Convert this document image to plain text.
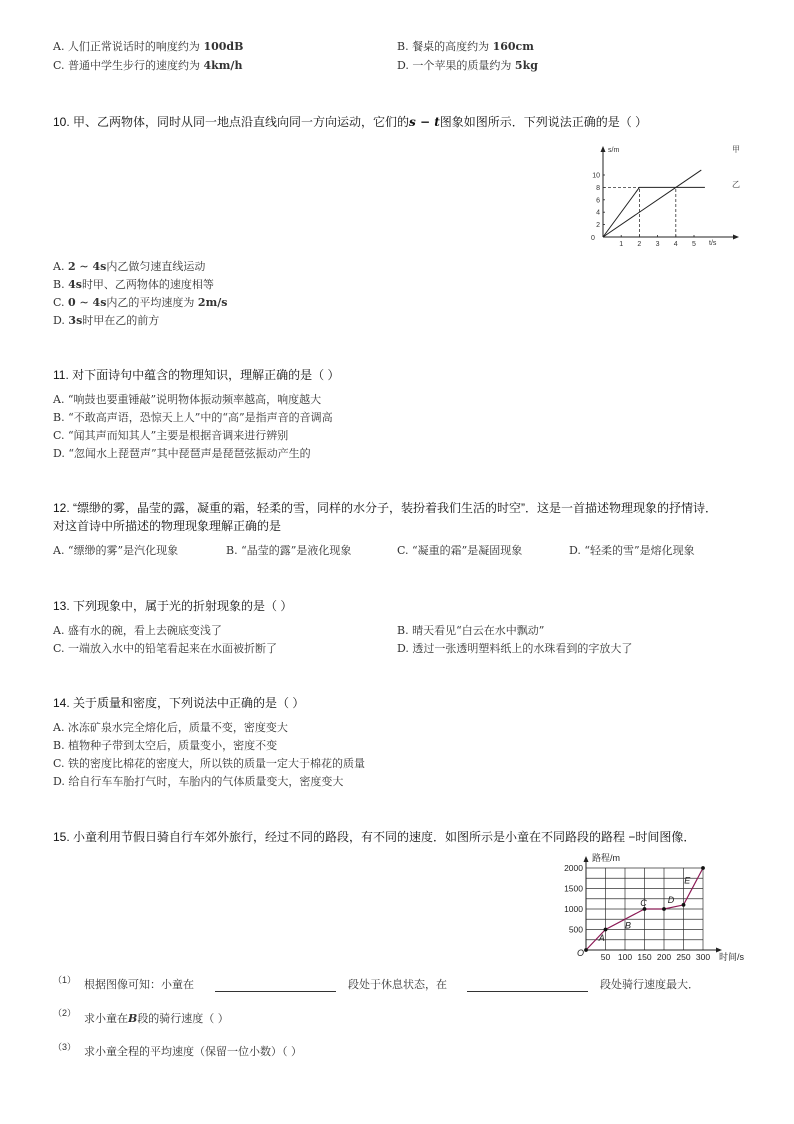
A. 人们正常说话时的响度约为 100dB	B. 餐桌的高度约为 160cm
C. 普通中学生步行的速度约为 4km/h	D. 一个苹果的质量约为 5kg
10. 甲、乙两物体，同时从同一地点沿直线向同一方向运动，它们的s − t图象如图所示．下列说法正确的是（ ）
1 2 3 4 5
2
4
6
8
10
s/m
t/s
甲
乙
0
A. 2 ∼ 4s内乙做匀速直线运动
B. 4s时甲、乙两物体的速度相等
C. 0 ∼ 4s内乙的平均速度为 2m/s
D. 3s时甲在乙的前方
11. 对下面诗句中蕴含的物理知识，理解正确的是（ ）
A. “响鼓也要重锤敲”说明物体振动频率越高，响度越大
B. “不敢高声语，恐惊天上人”中的“高”是指声音的音调高
C. “闻其声而知其人”主要是根据音调来进行辨别
D. “忽闻水上琵琶声”其中琵琶声是琵琶弦振动产生的
12. “缥缈的雾，晶莹的露，凝重的霜，轻柔的雪，同样的水分子，装扮着我们生活的时空”．这是一首描述物理现象的抒情诗．
对这首诗中所描述的物理现象理解正确的是
A. “缥缈的雾”是汽化现象	B. “晶莹的露”是液化现象	C. “凝重的霜”是凝固现象	D. “轻柔的雪”是熔化现象
13. 下列现象中，属于光的折射现象的是（ ）
A. 盛有水的碗，看上去碗底变浅了	B. 晴天看见“白云在水中飘动”
C. 一端放入水中的铅笔看起来在水面被折断了	D. 透过一张透明塑料纸上的水珠看到的字放大了
14. 关于质量和密度，下列说法中正确的是（ ）
A. 冰冻矿泉水完全熔化后，质量不变，密度变大
B. 植物种子带到太空后，质量变小，密度不变
C. 铁的密度比棉花的密度大，所以铁的质量一定大于棉花的质量
D. 给自行车车胎打气时，车胎内的气体质量变大，密度变大
15. 小童利用节假日骑自行车郊外旅行，经过不同的路段，有不同的速度．如图所示是小童在不同路段的路程 −时间图像．
50 100 150 200 250 300
500
1000
1500
2000
A
B
C D
E
路程/m
时间/s
O
（1） 根据图像可知：小童在	段处于休息状态，在	段处骑行速度最大．
（2） 求小童在B段的骑行速度（ ）
（3） 求小童全程的平均速度（保留一位小数）（ ）
